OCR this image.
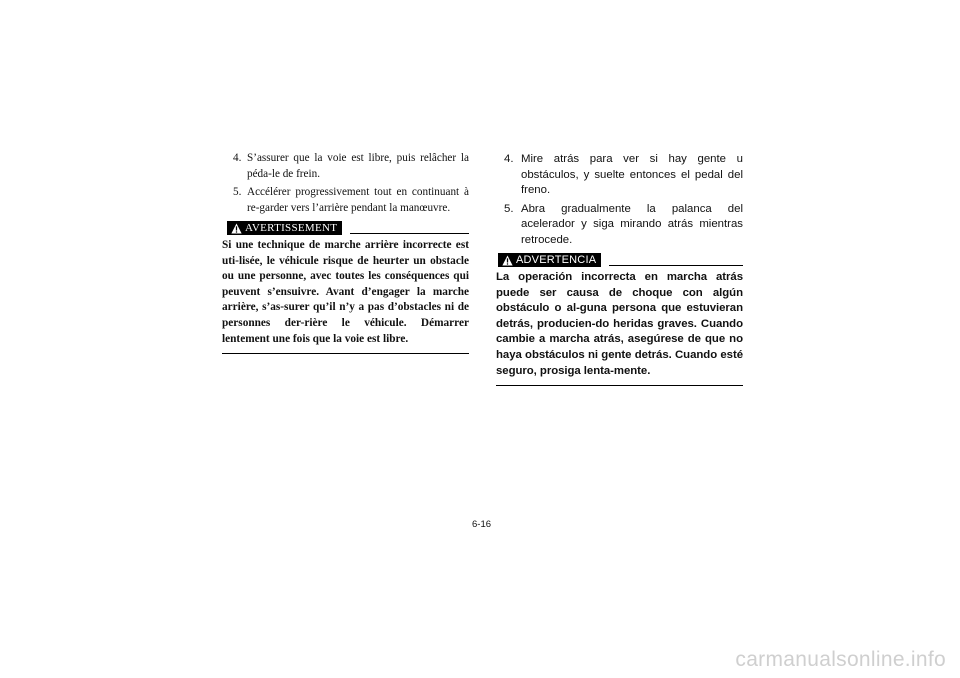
4. S’assurer que la voie est libre, puis relâcher la péda-le de frein.
5. Accélérer progressivement tout en continuant à re-garder vers l’arrière pendant la manœuvre.
AVERTISSEMENT
Si une technique de marche arrière incorrecte est uti-lisée, le véhicule risque de heurter un obstacle ou une personne, avec toutes les conséquences qui peuvent s’ensuivre. Avant d’engager la marche arrière, s’as-surer qu’il n’y a pas d’obstacles ni de personnes der-rière le véhicule. Démarrer lentement une fois que la voie est libre.
4. Mire atrás para ver si hay gente u obstáculos, y suelte entonces el pedal del freno.
5. Abra gradualmente la palanca del acelerador y siga mirando atrás mientras retrocede.
ADVERTENCIA
La operación incorrecta en marcha atrás puede ser causa de choque con algún obstáculo o al-guna persona que estuvieran detrás, producien-do heridas graves. Cuando cambie a marcha atrás, asegúrese de que no haya obstáculos ni gente detrás. Cuando esté seguro, prosiga lenta-mente.
6-16
carmanualsonline.info
